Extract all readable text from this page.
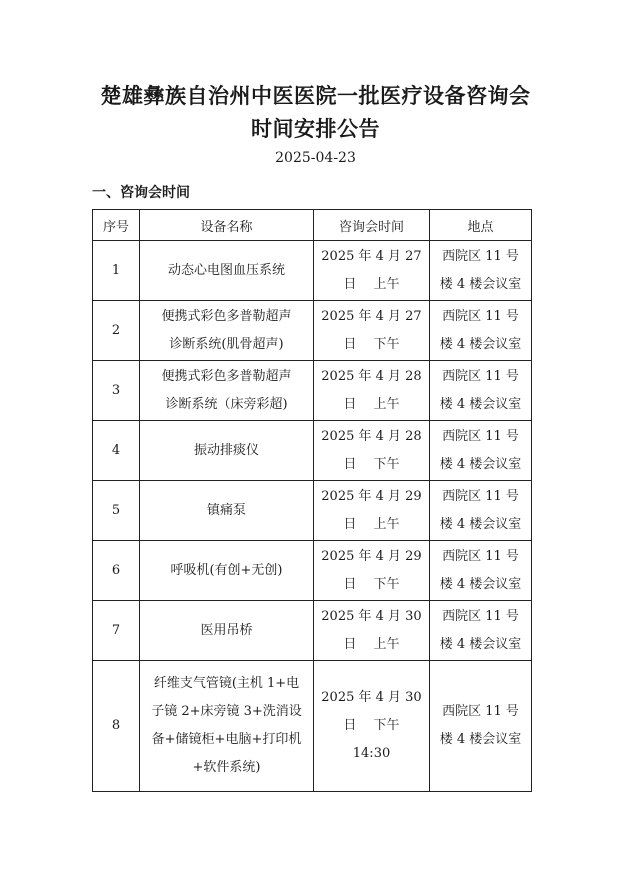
楚雄彝族自治州中医医院一批医疗设备咨询会
时间安排公告
2025-04-23
一、咨询会时间
序号	设备名称	咨询会时间	地点
1	动态心电图血压系统	2025 年 4 月 27
日　 上午	西院区 11 号
楼 4 楼会议室

2	便携式彩色多普勒超声
诊断系统(肌骨超声)	2025 年 4 月 27
日　 下午	西院区 11 号
楼 4 楼会议室

3	便携式彩色多普勒超声
诊断系统（床旁彩超)	2025 年 4 月 28
日　 上午	西院区 11 号
楼 4 楼会议室

4	振动排痰仪	2025 年 4 月 28
日　 下午	西院区 11 号
楼 4 楼会议室

5	镇痛泵	2025 年 4 月 29
日　 上午	西院区 11 号
楼 4 楼会议室

6	呼吸机(有创+无创)	2025 年 4 月 29
日　 下午	西院区 11 号
楼 4 楼会议室

7	医用吊桥	2025 年 4 月 30
日　 上午	西院区 11 号
楼 4 楼会议室

8	纤维支气管镜(主机 1+电
子镜 2+床旁镜 3+洗消设
备+储镜柜+电脑+打印机
+软件系统)	2025 年 4 月 30
日　 下午
14:30	西院区 11 号
楼 4 楼会议室
